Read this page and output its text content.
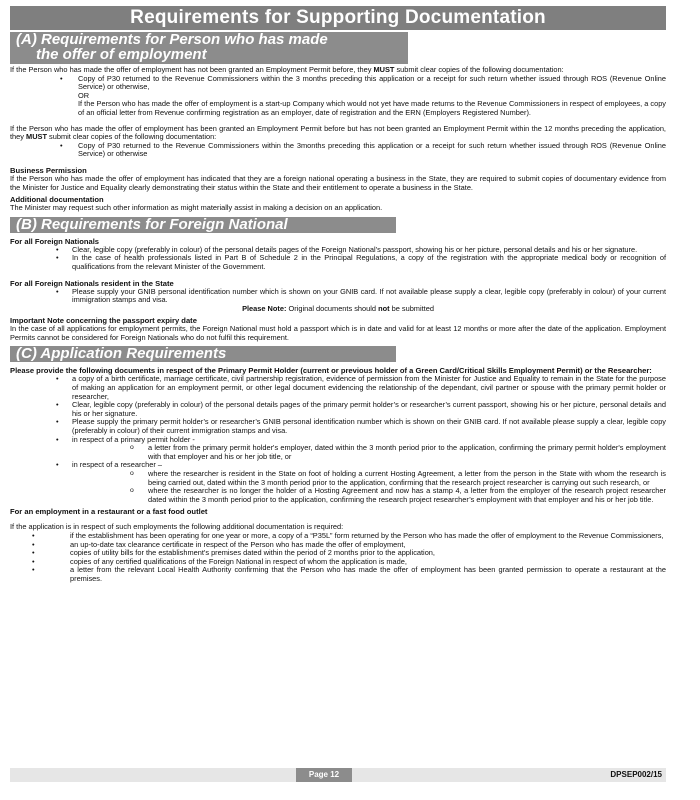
Requirements for Supporting Documentation
(A) Requirements for Person who has made
the offer of employment

If the Person who has made the offer of employment has not been granted an Employment Permit before, they MUST submit clear copies of the following documentation:

• Copy of P30 returned to the Revenue Commissioners within the 3 months preceding this application or a receipt for such return whether issued through ROS (Revenue Online Service) or otherwise,
OR
If the Person who has made the offer of employment is a start-up Company which would not yet have made returns to the Revenue Commissioners in respect of employees, a copy of an official letter from Revenue confirming registration as an employer, date of registration and the ERN (Employers Registered Number).

If the Person who has made the offer of employment has been granted an Employment Permit before but has not been granted an Employment Permit within the 12 months preceding the application, they MUST submit clear copies of the following documentation:

• Copy of P30 returned to the Revenue Commissioners within the 3months preceding this application or a receipt for such return whether issued through ROS (Revenue Online Service) or otherwise

Business Permission

If the Person who has made the offer of employment has indicated that they are a foreign national operating a business in the State, they are required to submit copies of documentary evidence from the Minister for Justice and Equality clearly demonstrating their status within the State and their entitlement to operate a business in the State.

Additional documentation

The Minister may request such other information as might materially assist in making a decision on an application.

(B) Requirements for Foreign National

For all Foreign Nationals

• Clear, legible copy (preferably in colour) of the personal details pages of the Foreign National’s passport, showing his or her picture, personal details and his or her signature.
• In the case of health professionals listed in Part B of Schedule 2 in the Principal Regulations, a copy of the registration with the appropriate medical body or recognition of qualifications from the relevant Minister of the Government.

For all Foreign Nationals resident in the State

• Please supply your GNIB personal identification number which is shown on your GNIB card. If not available please supply a clear, legible copy (preferably in colour) of your current immigration stamps and visa.

Please Note: Original documents should not be submitted

Important Note concerning the passport expiry date

In the case of all applications for employment permits, the Foreign National must hold a passport which is in date and valid for at least 12 months or more after the date of the application. Employment Permits cannot be considered for Foreign Nationals who do not fulfil this requirement.

(C) Application Requirements

Please provide the following documents in respect of the Primary Permit Holder (current or previous holder of a Green Card/Critical Skills Employment Permit) or the Researcher:

• a copy of a birth certificate, marriage certificate, civil partnership registration, evidence of permission from the Minister for Justice and Equality to remain in the State for the purpose of making an application for an employment permit, or other legal document evidencing the relationship of the dependant, civil partner or spouse with the primary permit holder or researcher,
• Clear, legible copy (preferably in colour) of the personal details pages of the primary permit holder’s or researcher’s current passport, showing his or her picture, personal details and his or her signature.
• Please supply the primary permit holder’s or researcher’s GNIB personal identification number which is shown on their GNIB card. If not available please supply a clear, legible copy (preferably in colour) of their current immigration stamps and visa.
• in respect of a primary permit holder -
o a letter from the primary permit holder's employer, dated within the 3 month period prior to the application, confirming the primary permit holder's employment with that employer and his or her job title, or
• in respect of a researcher –
o where the researcher is resident in the State on foot of holding a current Hosting Agreement, a letter from the person in the State with whom the research is being carried out, dated within the 3 month period prior to the application, confirming that the research project researcher is carrying out such research, or
o where the researcher is no longer the holder of a Hosting Agreement and now has a stamp 4, a letter from the employer of the research project researcher dated within the 3 month period prior to the application, confirming the research project researcher’s employment with that employer and his or her job title.

For an employment in a restaurant or a fast food outlet

If the application is in respect of such employments the following additional documentation is required:

• if the establishment has been operating for one year or more, a copy of a “P35L” form returned by the Person who has made the offer of employment to the Revenue Commissioners,
• an up-to-date tax clearance certificate in respect of the Person who has made the offer of employment,
• copies of utility bills for the establishment's premises dated within the period of 2 months prior to the application,
• copies of any certified qualifications of the Foreign National in respect of whom the application is made,
• a letter from the relevant Local Health Authority confirming that the Person who has made the offer of employment has been granted permission to operate a restaurant at the premises.
Page 12	DPSEP002/15
